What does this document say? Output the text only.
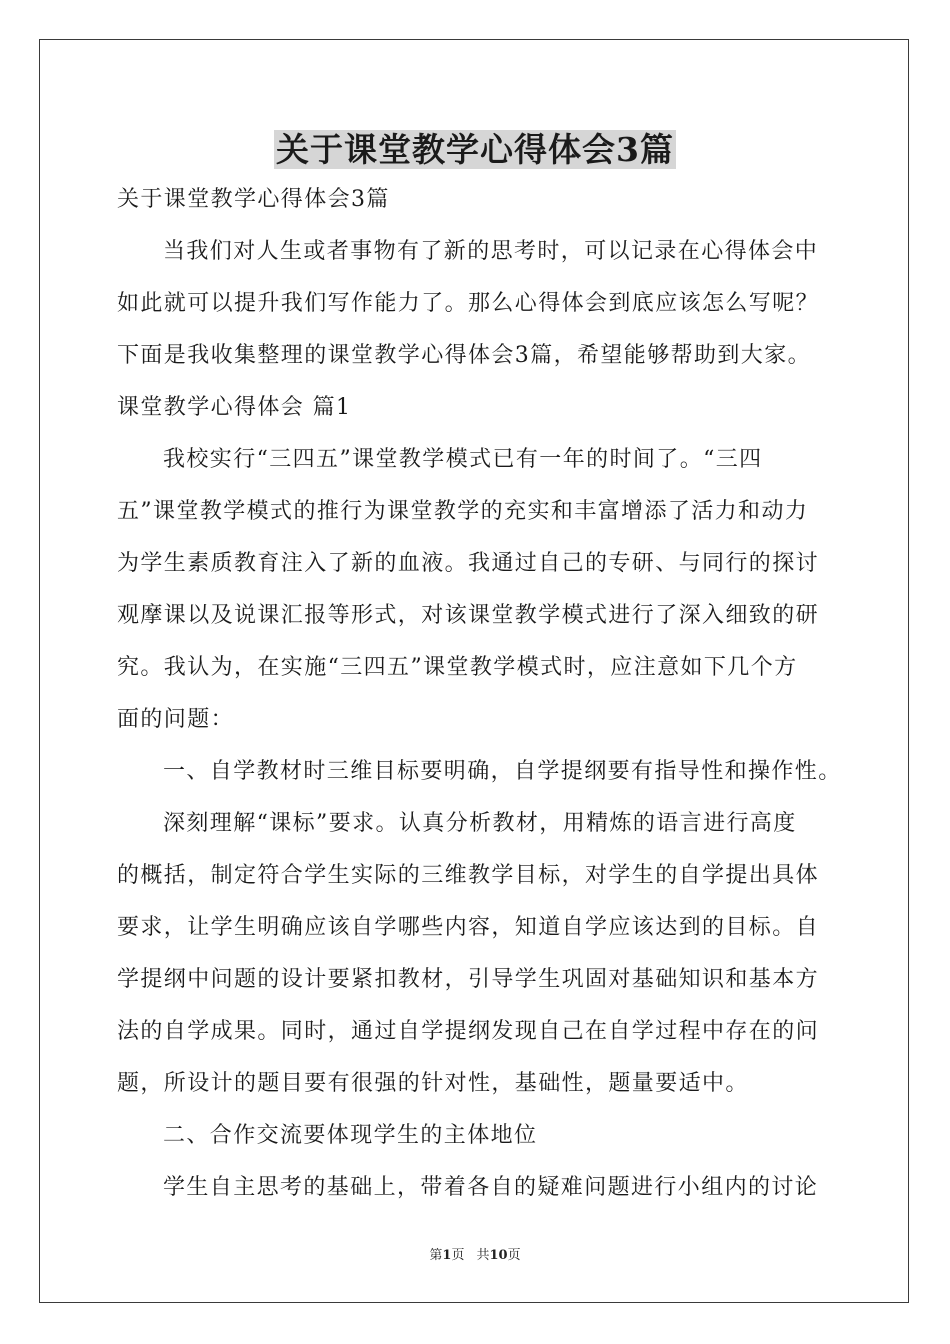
关于课堂教学心得体会3篇
关于课堂教学心得体会3篇
当我们对人生或者事物有了新的思考时，可以记录在心得体会中
如此就可以提升我们写作能力了。那么心得体会到底应该怎么写呢？
下面是我收集整理的课堂教学心得体会3篇，希望能够帮助到大家。
课堂教学心得体会 篇1
我校实行“三四五”课堂教学模式已有一年的时间了。“三四
五”课堂教学模式的推行为课堂教学的充实和丰富增添了活力和动力
为学生素质教育注入了新的血液。我通过自己的专研、与同行的探讨
观摩课以及说课汇报等形式，对该课堂教学模式进行了深入细致的研
究。我认为，在实施“三四五”课堂教学模式时，应注意如下几个方
面的问题：
一、自学教材时三维目标要明确，自学提纲要有指导性和操作性。
深刻理解“课标”要求。认真分析教材，用精炼的语言进行高度
的概括，制定符合学生实际的三维教学目标，对学生的自学提出具体
要求，让学生明确应该自学哪些内容，知道自学应该达到的目标。自
学提纲中问题的设计要紧扣教材，引导学生巩固对基础知识和基本方
法的自学成果。同时，通过自学提纲发现自己在自学过程中存在的问
题，所设计的题目要有很强的针对性，基础性，题量要适中。
二、合作交流要体现学生的主体地位
学生自主思考的基础上，带着各自的疑难问题进行小组内的讨论
第1页 共10页
